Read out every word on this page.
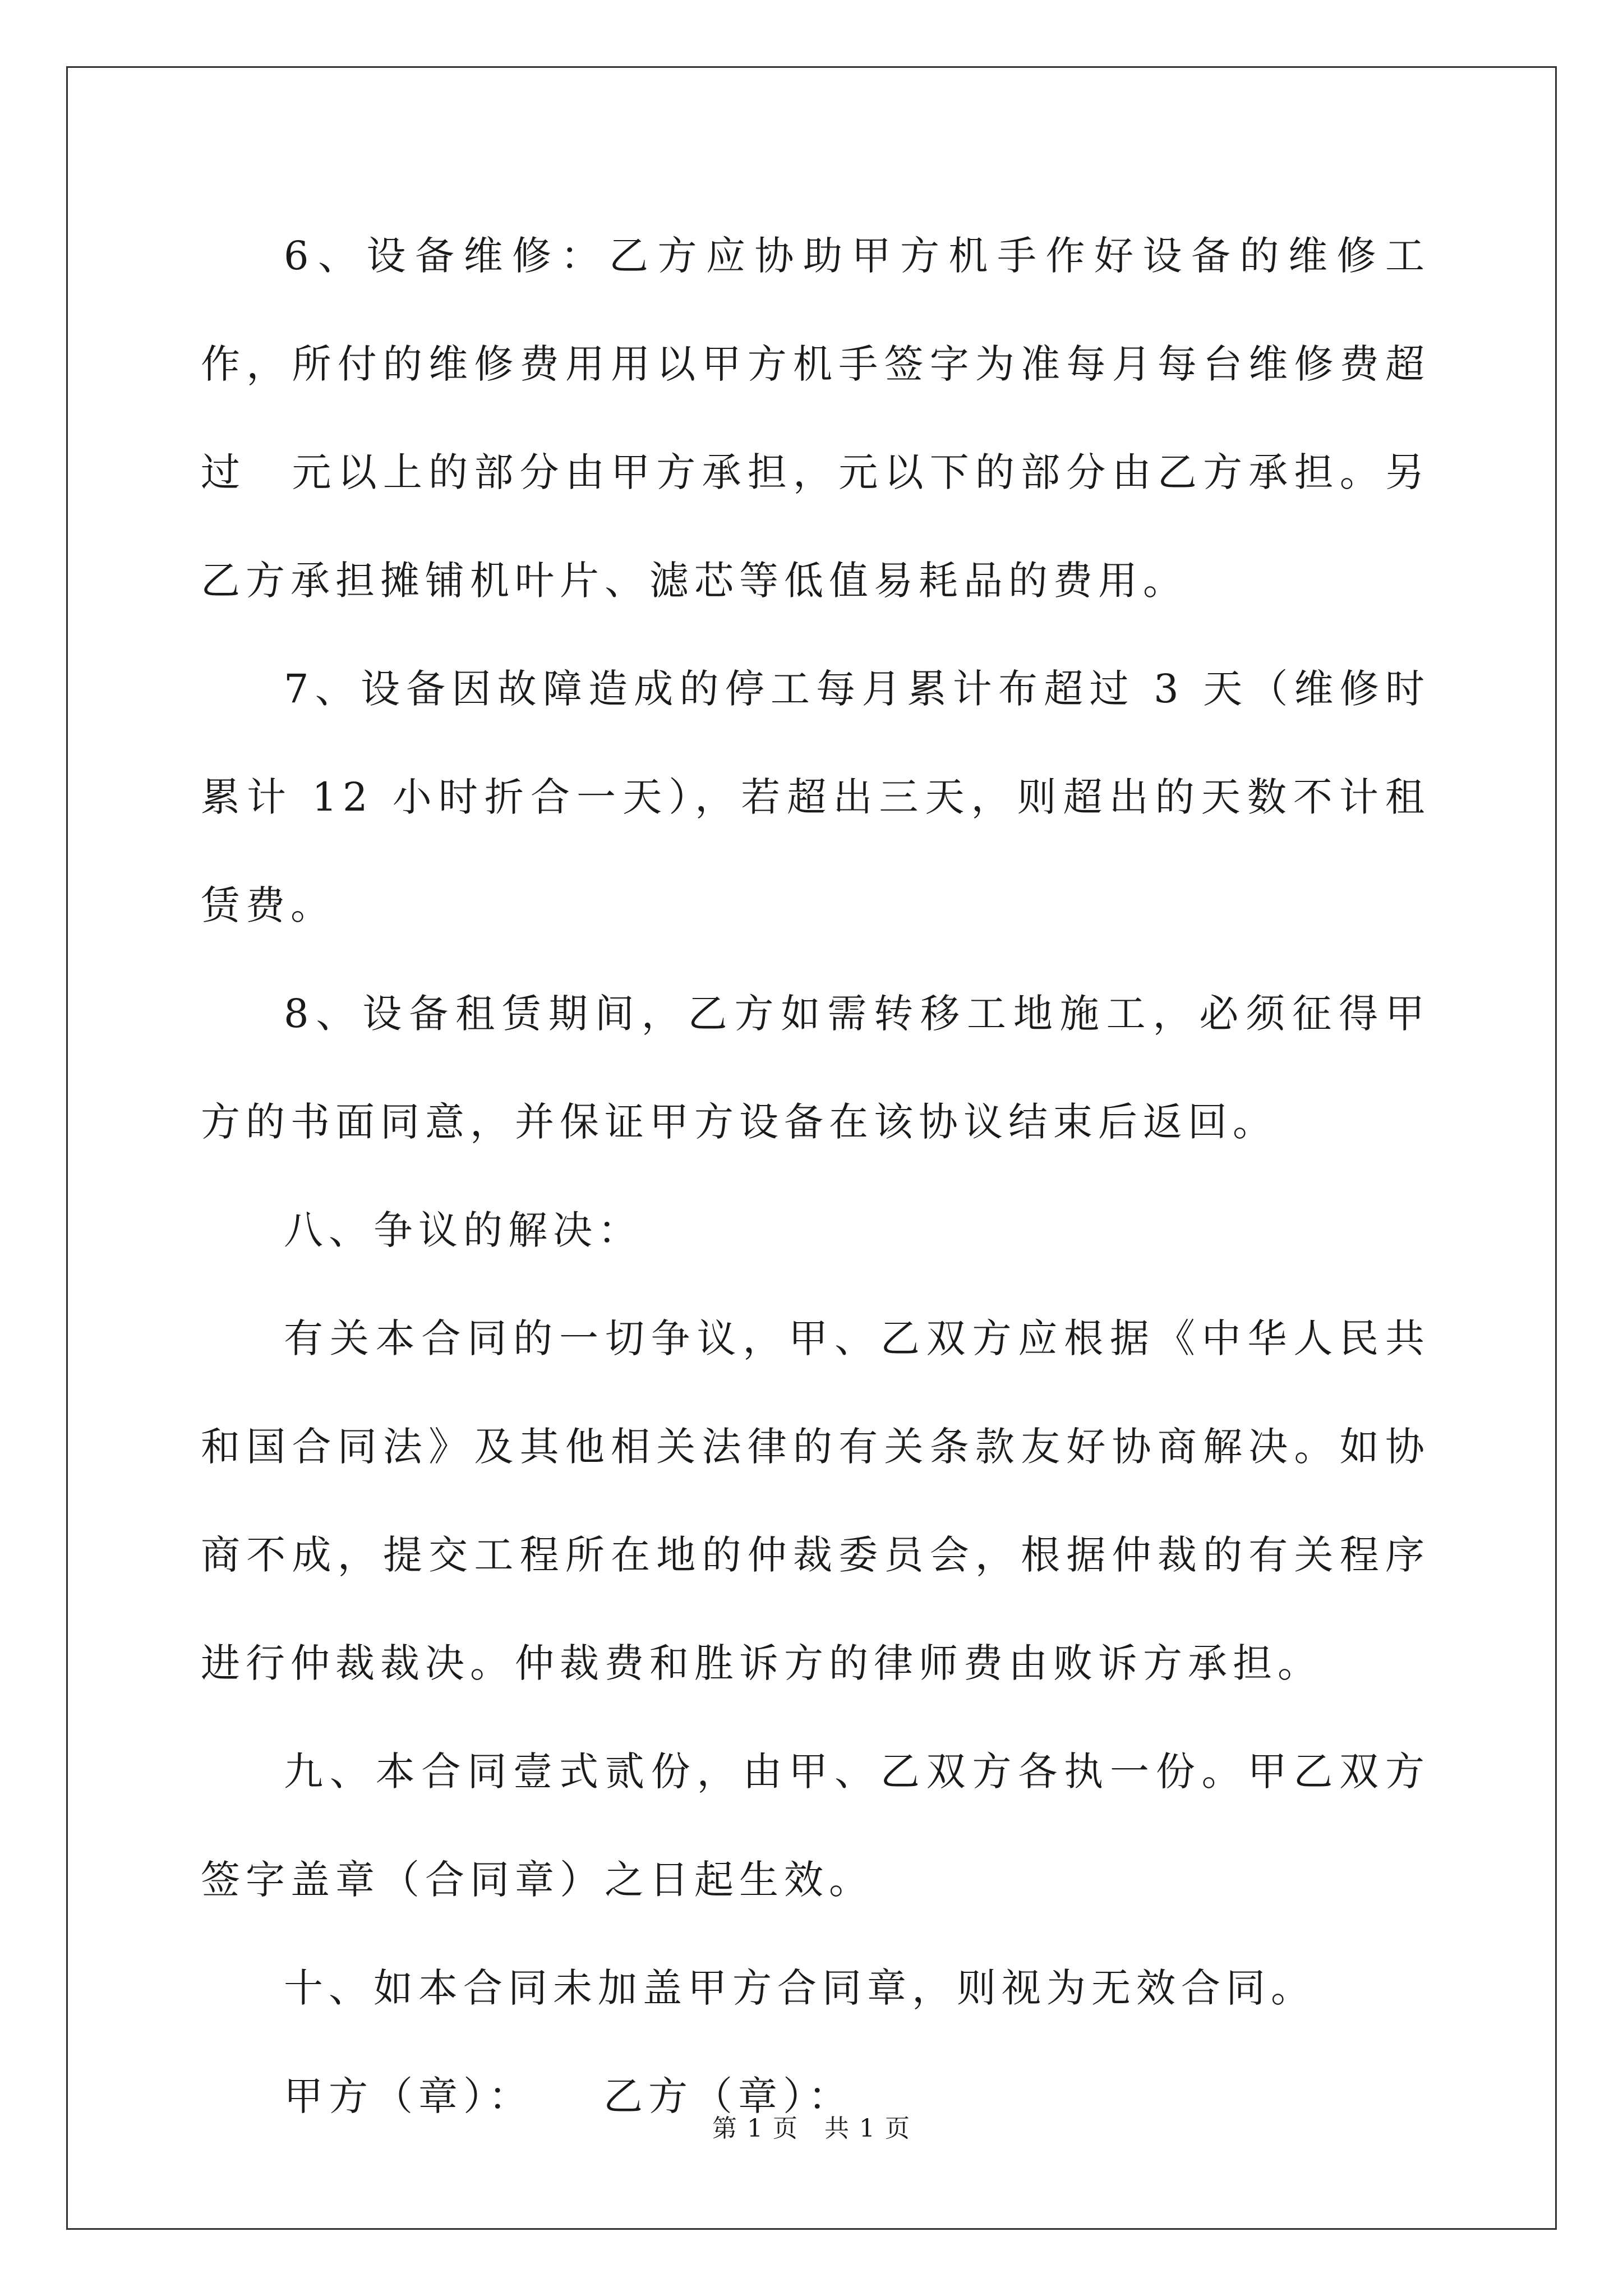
6、设备维修：乙方应协助甲方机手作好设备的维修工作，所付的维修费用用以甲方机手签字为准每月每台维修费超过　元以上的部分由甲方承担，元以下的部分由乙方承担。另乙方承担摊铺机叶片、滤芯等低值易耗品的费用。

7、设备因故障造成的停工每月累计布超过 3 天（维修时累计 12 小时折合一天），若超出三天，则超出的天数不计租赁费。

8、设备租赁期间，乙方如需转移工地施工，必须征得甲方的书面同意，并保证甲方设备在该协议结束后返回。

八、争议的解决：

有关本合同的一切争议，甲、乙双方应根据《中华人民共和国合同法》及其他相关法律的有关条款友好协商解决。如协商不成，提交工程所在地的仲裁委员会，根据仲裁的有关程序进行仲裁裁决。仲裁费和胜诉方的律师费由败诉方承担。

九、本合同壹式贰份，由甲、乙双方各执一份。甲乙双方签字盖章（合同章）之日起生效。

十、如本合同未加盖甲方合同章，则视为无效合同。

甲方（章）：　　乙方（章）：

第 1 页　共 1 页
